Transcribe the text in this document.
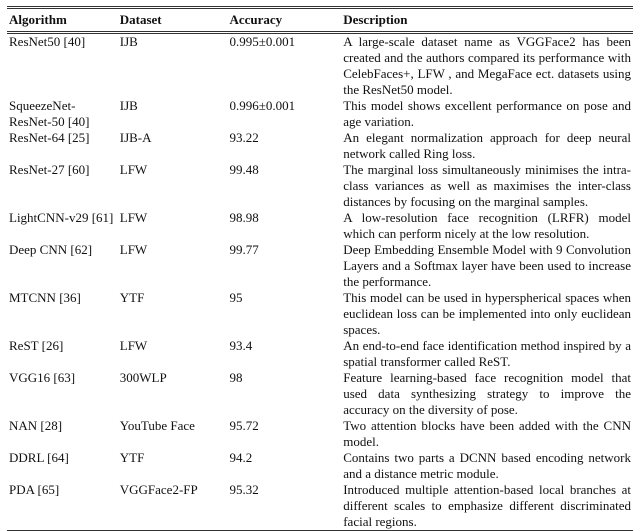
Algorithm	Dataset	Accuracy	Description
ResNet50 [40]	IJB	0.995±0.001	A large-scale dataset name as VGGFace2 has been created and the authors compared its performance with CelebFaces+, LFW , and MegaFace ect. datasets using the ResNet50 model.
SqueezeNet-ResNet-50 [40]	IJB	0.996±0.001	This model shows excellent performance on pose and age variation.
ResNet-64 [25]	IJB-A	93.22	An elegant normalization approach for deep neural network called Ring loss.
ResNet-27 [60]	LFW	99.48	The marginal loss simultaneously minimises the intra-class variances as well as maximises the inter-class distances by focusing on the marginal samples.
LightCNN-v29 [61]	LFW	98.98	A low-resolution face recognition (LRFR) model which can perform nicely at the low resolution.
Deep CNN [62]	LFW	99.77	Deep Embedding Ensemble Model with 9 Convolution Layers and a Softmax layer have been used to increase the performance.
MTCNN [36]	YTF	95	This model can be used in hyperspherical spaces when euclidean loss can be implemented into only euclidean spaces.
ReST [26]	LFW	93.4	An end-to-end face identification method inspired by a spatial transformer called ReST.
VGG16 [63]	300WLP	98	Feature learning-based face recognition model that used data synthesizing strategy to improve the accuracy on the diversity of pose.
NAN [28]	YouTube Face	95.72	Two attention blocks have been added with the CNN model.
DDRL [64]	YTF	94.2	Contains two parts a DCNN based encoding network and a distance metric module.
PDA [65]	VGGFace2-FP	95.32	Introduced multiple attention-based local branches at different scales to emphasize different discriminated facial regions.
